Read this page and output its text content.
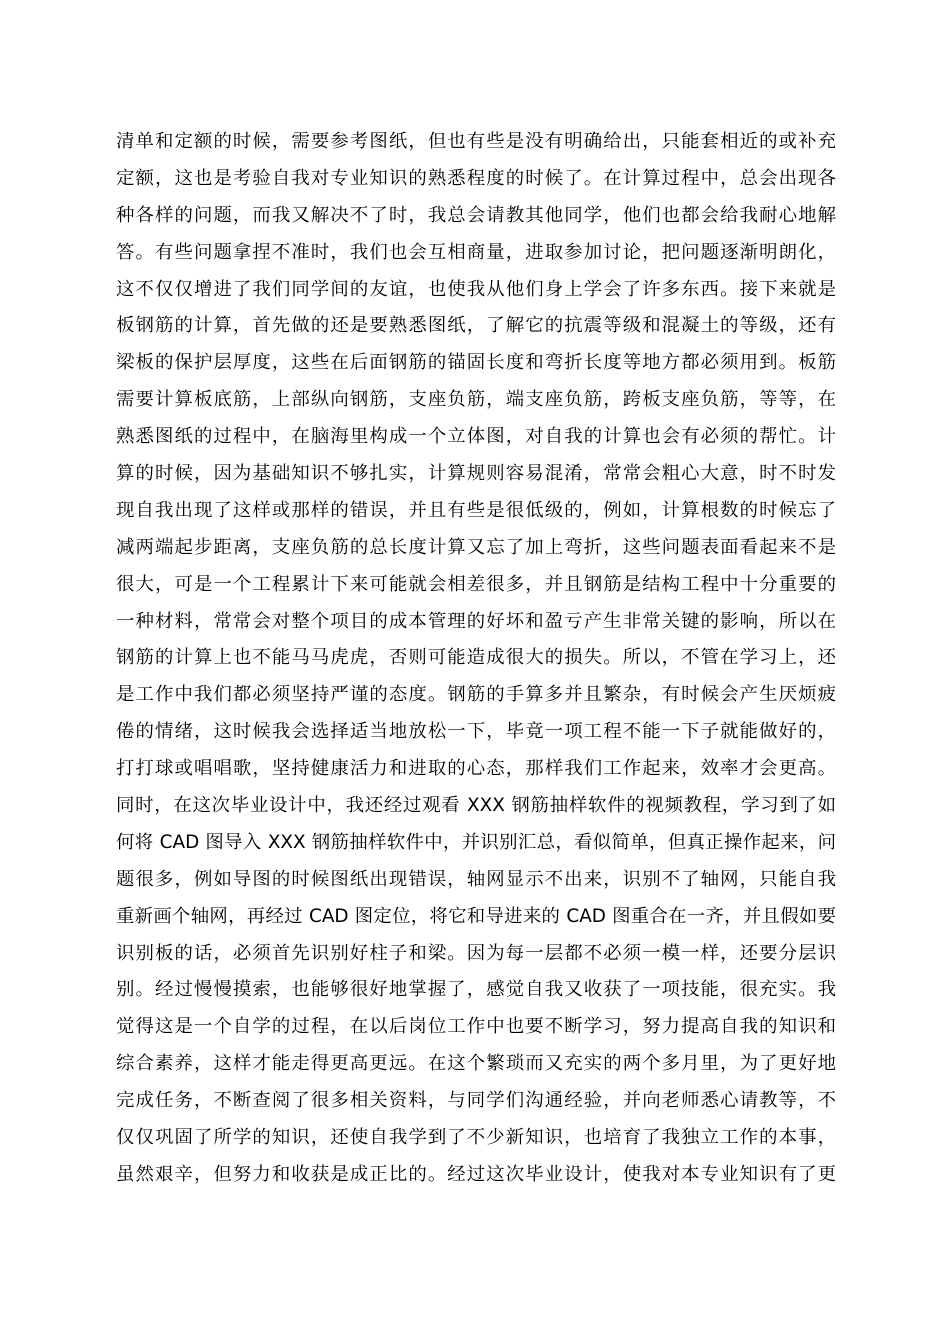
清单和定额的时候，需要参考图纸，但也有些是没有明确给出，只能套相近的或补充
定额，这也是考验自我对专业知识的熟悉程度的时候了。在计算过程中，总会出现各
种各样的问题，而我又解决不了时，我总会请教其他同学，他们也都会给我耐心地解
答。有些问题拿捏不准时，我们也会互相商量，进取参加讨论，把问题逐渐明朗化，
这不仅仅增进了我们同学间的友谊，也使我从他们身上学会了许多东西。接下来就是
板钢筋的计算，首先做的还是要熟悉图纸，了解它的抗震等级和混凝土的等级，还有
梁板的保护层厚度，这些在后面钢筋的锚固长度和弯折长度等地方都必须用到。板筋
需要计算板底筋，上部纵向钢筋，支座负筋，端支座负筋，跨板支座负筋，等等，在
熟悉图纸的过程中，在脑海里构成一个立体图，对自我的计算也会有必须的帮忙。计
算的时候，因为基础知识不够扎实，计算规则容易混淆，常常会粗心大意，时不时发
现自我出现了这样或那样的错误，并且有些是很低级的，例如，计算根数的时候忘了
减两端起步距离，支座负筋的总长度计算又忘了加上弯折，这些问题表面看起来不是
很大，可是一个工程累计下来可能就会相差很多，并且钢筋是结构工程中十分重要的
一种材料，常常会对整个项目的成本管理的好坏和盈亏产生非常关键的影响，所以在
钢筋的计算上也不能马马虎虎，否则可能造成很大的损失。所以，不管在学习上，还
是工作中我们都必须坚持严谨的态度。钢筋的手算多并且繁杂，有时候会产生厌烦疲
倦的情绪，这时候我会选择适当地放松一下，毕竟一项工程不能一下子就能做好的，
打打球或唱唱歌，坚持健康活力和进取的心态，那样我们工作起来，效率才会更高。
同时，在这次毕业设计中，我还经过观看 XXX 钢筋抽样软件的视频教程，学习到了如
何将 CAD 图导入 XXX 钢筋抽样软件中，并识别汇总，看似简单，但真正操作起来，问
题很多，例如导图的时候图纸出现错误，轴网显示不出来，识别不了轴网，只能自我
重新画个轴网，再经过 CAD 图定位，将它和导进来的 CAD 图重合在一齐，并且假如要
识别板的话，必须首先识别好柱子和梁。因为每一层都不必须一模一样，还要分层识
别。经过慢慢摸索，也能够很好地掌握了，感觉自我又收获了一项技能，很充实。我
觉得这是一个自学的过程，在以后岗位工作中也要不断学习，努力提高自我的知识和
综合素养，这样才能走得更高更远。在这个繁琐而又充实的两个多月里，为了更好地
完成任务，不断查阅了很多相关资料，与同学们沟通经验，并向老师悉心请教等，不
仅仅巩固了所学的知识，还使自我学到了不少新知识，也培育了我独立工作的本事，
虽然艰辛，但努力和收获是成正比的。经过这次毕业设计，使我对本专业知识有了更
